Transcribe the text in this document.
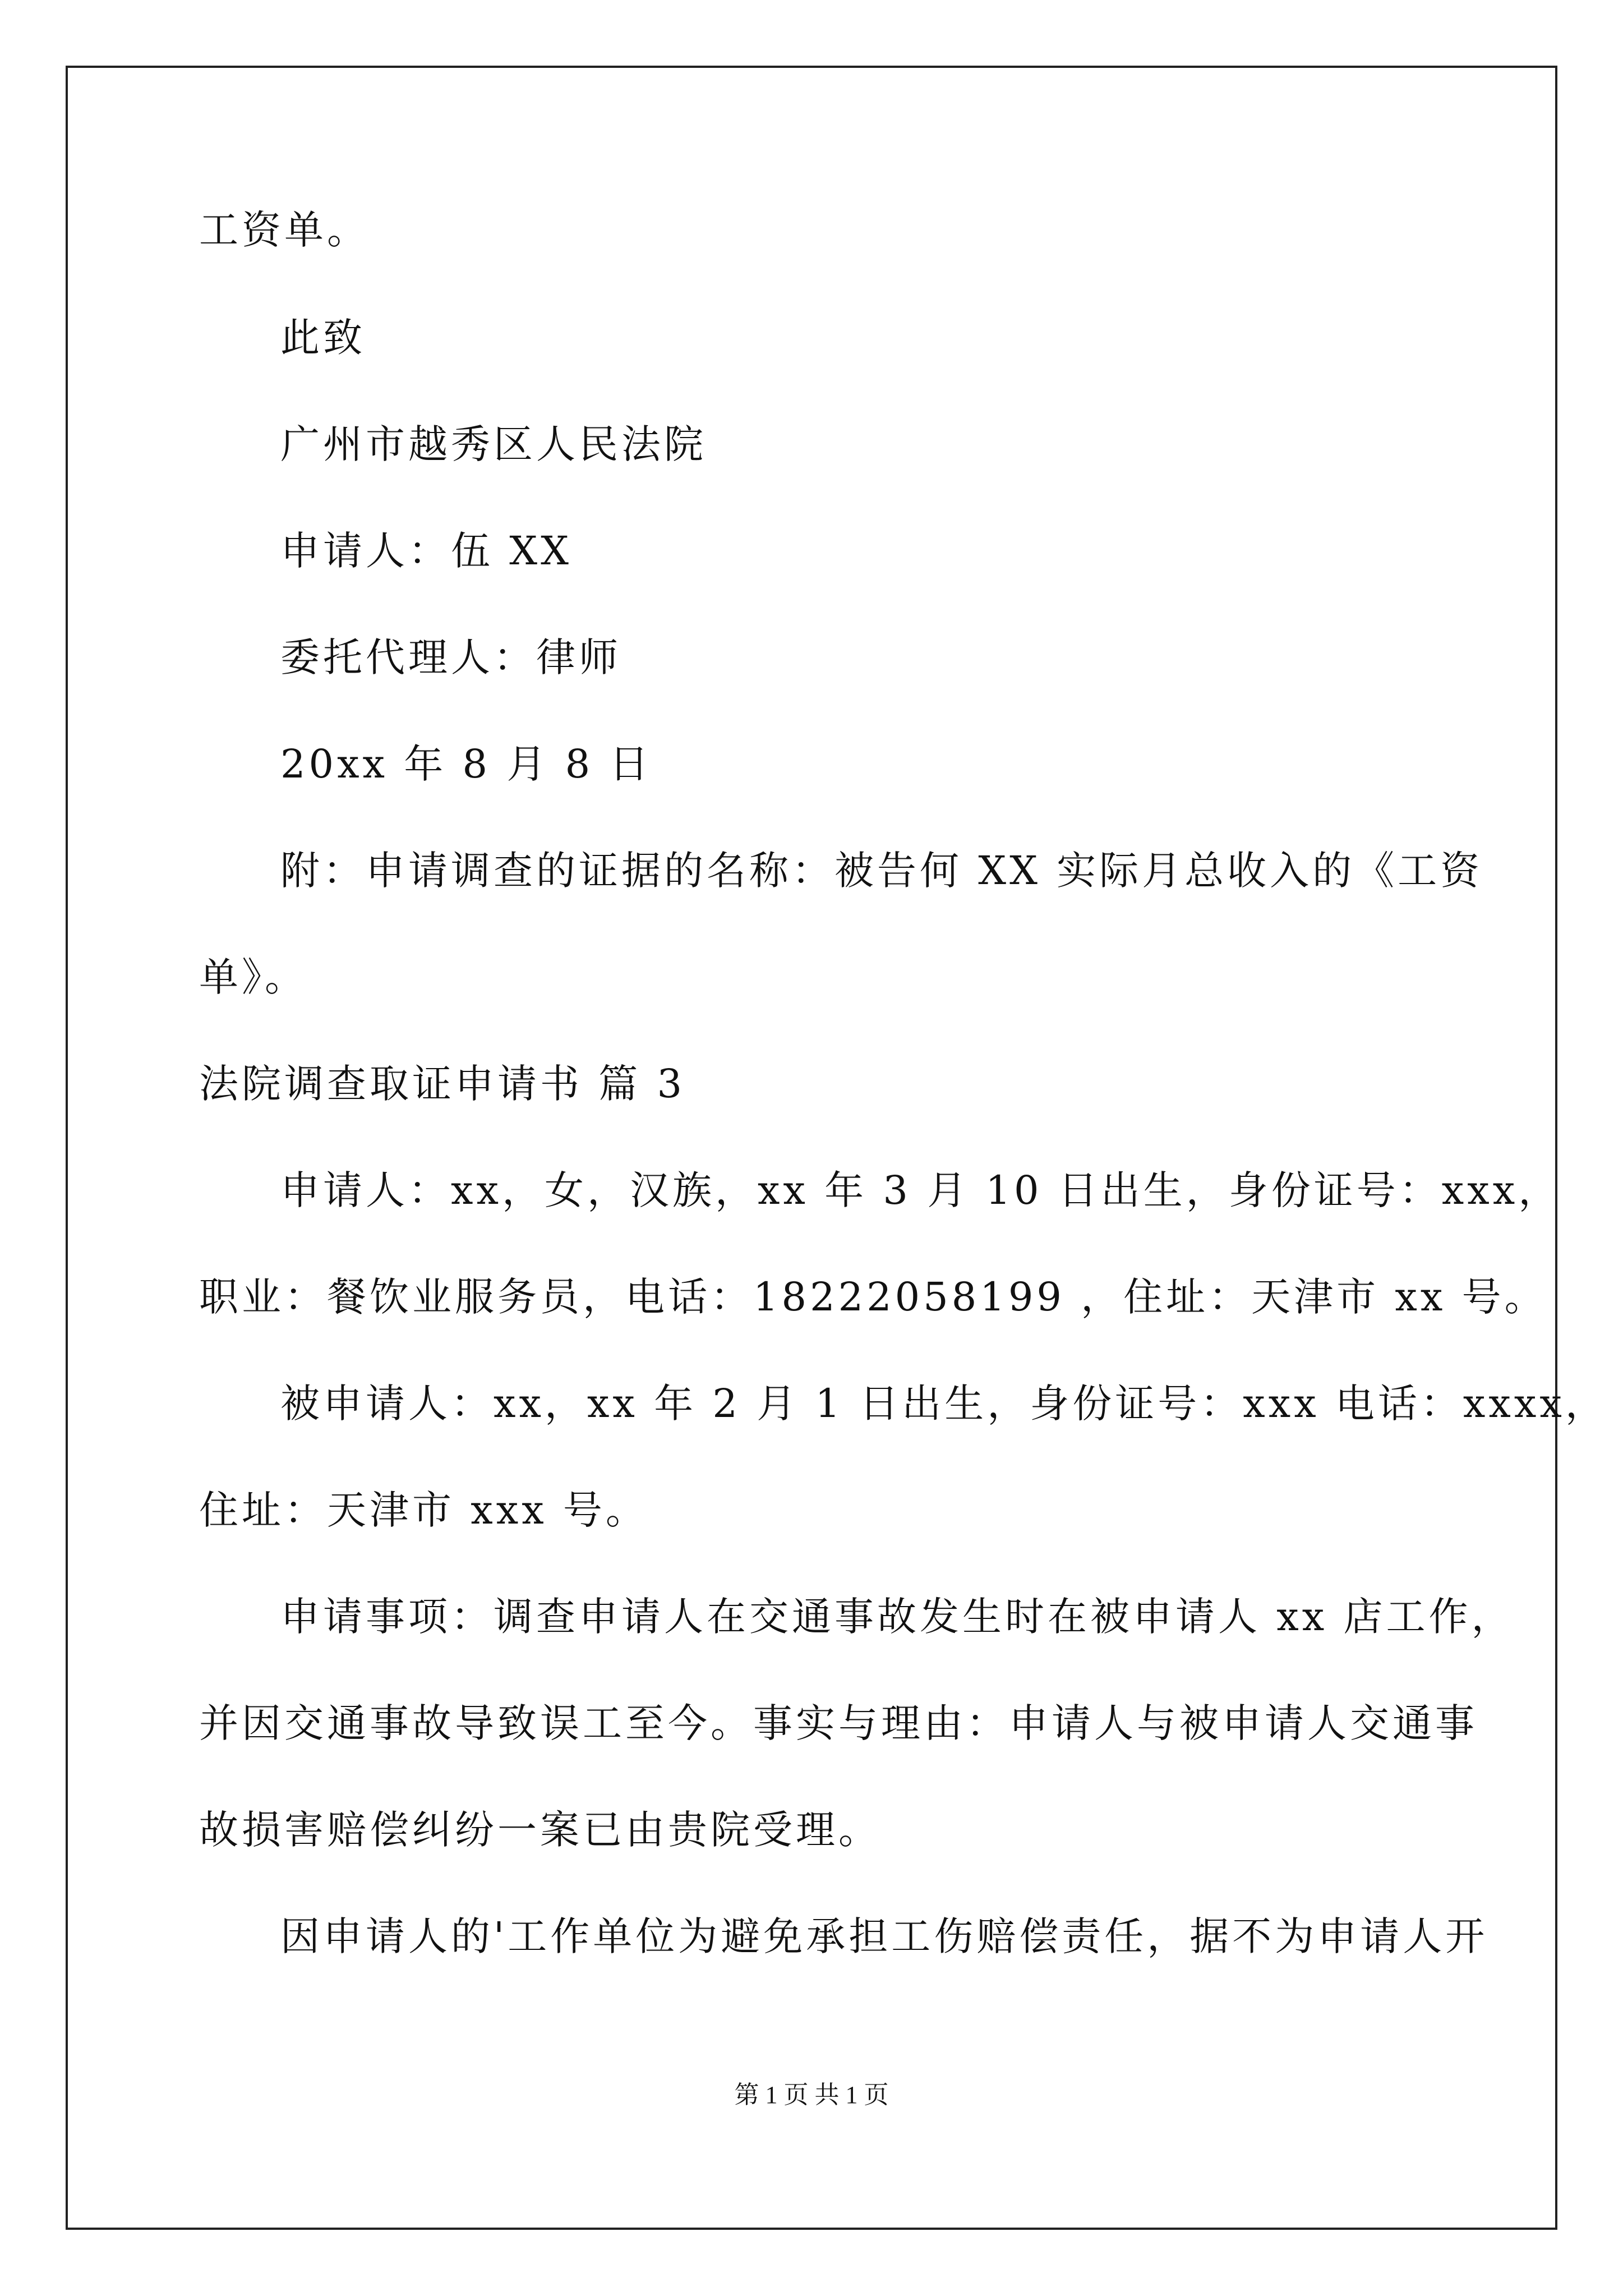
工资单。
此致
广州市越秀区人民法院
申请人：伍 XX
委托代理人：律师
20xx 年 8 月 8 日
附：申请调查的证据的名称：被告何 XX 实际月总收入的《工资
单》。
法院调查取证申请书 篇 3
申请人：xx，女，汉族，xx 年 3 月 10 日出生，身份证号：xxx，
职业：餐饮业服务员，电话：18222058199 ，住址：天津市 xx 号。
被申请人：xx，xx 年 2 月 1 日出生，身份证号：xxx 电话：xxxx，
住址：天津市 xxx 号。
申请事项：调查申请人在交通事故发生时在被申请人 xx 店工作，
并因交通事故导致误工至今。事实与理由：申请人与被申请人交通事
故损害赔偿纠纷一案已由贵院受理。
因申请人的'工作单位为避免承担工伤赔偿责任，据不为申请人开
第 1 页 共 1 页
